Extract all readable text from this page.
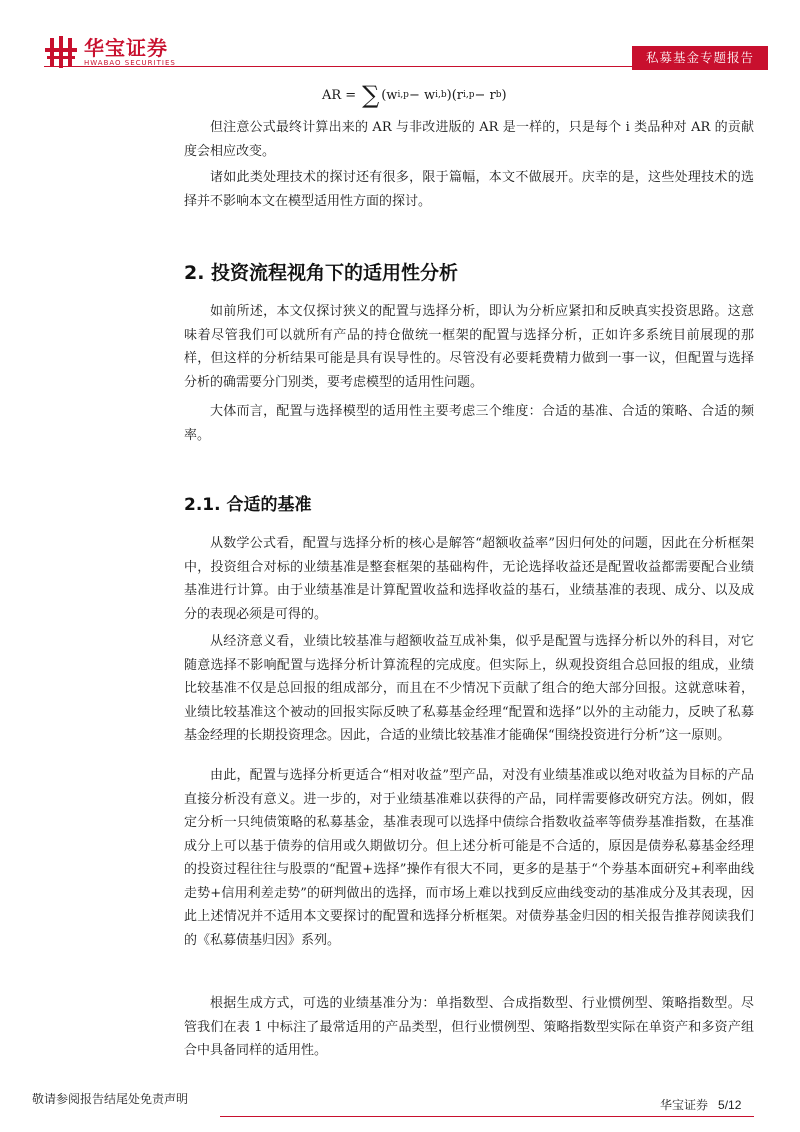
华宝证券
HWABAO SECURITIES	私募基金专题报告
AR = ∑ (w i,p − w i,b ) (r i,p − r b )

但注意公式最终计算出来的 AR 与非改进版的 AR 是一样的，只是每个 i 类品种对 AR 的贡献度会相应改变。

诸如此类处理技术的探讨还有很多，限于篇幅，本文不做展开。庆幸的是，这些处理技术的选择并不影响本文在模型适用性方面的探讨。

2. 投资流程视角下的适用性分析

如前所述，本文仅探讨狭义的配置与选择分析，即认为分析应紧扣和反映真实投资思路。这意味着尽管我们可以就所有产品的持仓做统一框架的配置与选择分析，正如许多系统目前展现的那样，但这样的分析结果可能是具有误导性的。尽管没有必要耗费精力做到一事一议，但配置与选择分析的确需要分门别类，要考虑模型的适用性问题。

大体而言，配置与选择模型的适用性主要考虑三个维度：合适的基准、合适的策略、合适的频率。

2.1. 合适的基准

从数学公式看，配置与选择分析的核心是解答“超额收益率”因归何处的问题，因此在分析框架中，投资组合对标的业绩基准是整套框架的基础构件，无论选择收益还是配置收益都需要配合业绩基准进行计算。由于业绩基准是计算配置收益和选择收益的基石，业绩基准的表现、成分、以及成分的表现必须是可得的。

从经济意义看，业绩比较基准与超额收益互成补集，似乎是配置与选择分析以外的科目，对它随意选择不影响配置与选择分析计算流程的完成度。但实际上，纵观投资组合总回报的组成，业绩比较基准不仅是总回报的组成部分，而且在不少情况下贡献了组合的绝大部分回报。这就意味着，业绩比较基准这个被动的回报实际反映了私募基金经理“配置和选择”以外的主动能力，反映了私募基金经理的长期投资理念。因此，合适的业绩比较基准才能确保“围绕投资进行分析”这一原则。

由此，配置与选择分析更适合“相对收益”型产品，对没有业绩基准或以绝对收益为目标的产品直接分析没有意义。进一步的，对于业绩基准难以获得的产品，同样需要修改研究方法。例如，假定分析一只纯债策略的私募基金，基准表现可以选择中债综合指数收益率等债券基准指数，在基准成分上可以基于债券的信用或久期做切分。但上述分析可能是不合适的，原因是债券私募基金经理的投资过程往往与股票的“配置+选择”操作有很大不同，更多的是基于“个券基本面研究+利率曲线走势+信用利差走势”的研判做出的选择，而市场上难以找到反应曲线变动的基准成分及其表现，因此上述情况并不适用本文要探讨的配置和选择分析框架。对债券基金归因的相关报告推荐阅读我们的《私募债基归因》系列。

根据生成方式，可选的业绩基准分为：单指数型、合成指数型、行业惯例型、策略指数型。尽管我们在表 1 中标注了最常适用的产品类型，但行业惯例型、策略指数型实际在单资产和多资产组合中具备同样的适用性。

敬请参阅报告结尾处免责声明	华宝证券 5/12
